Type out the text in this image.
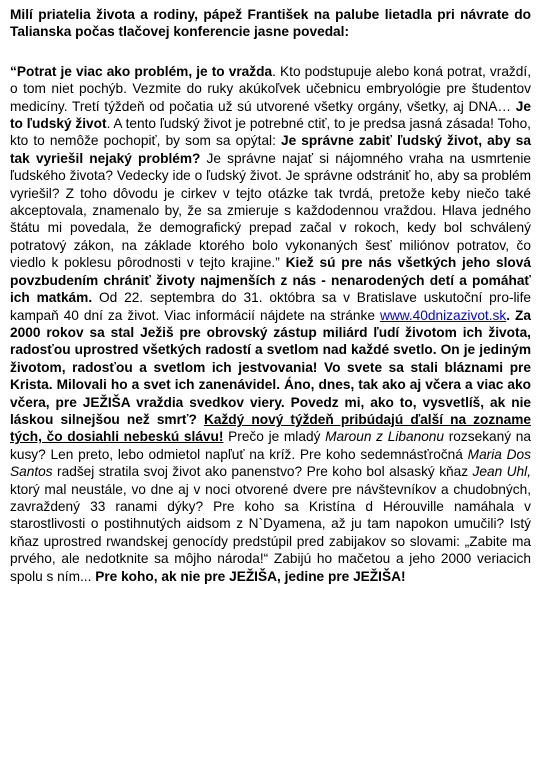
Milí priatelia života a rodiny, pápež František na palube lietadla pri návrate do Talianska počas tlačovej konferencie jasne povedal:

“Potrat je viac ako problém, je to vražda. Kto podstupuje alebo koná potrat, vraždí, o tom niet pochýb. Vezmite do ruky akúkoľvek učebnicu embryológie pre študentov medicíny. Tretí týždeň od počatia už sú utvorené všetky orgány, všetky, aj DNA… Je to ľudský život. A tento ľudský život je potrebné ctiť, to je predsa jasná zásada! Toho, kto to nemôže pochopiť, by som sa opýtal: Je správne zabiť ľudský život, aby sa tak vyriešil nejaký problém? Je správne najať si nájomného vraha na usmrtenie ľudského života? Vedecky ide o ľudský život. Je správne odstrániť ho, aby sa problém vyriešil? Z toho dôvodu je cirkev v tejto otázke tak tvrdá, pretože keby niečo také akceptovala, znamenalo by, že sa zmieruje s každodennou vraždou. Hlava jedného štátu mi povedala, že demografický prepad začal v rokoch, kedy bol schválený potratový zákon, na základe ktorého bolo vykonaných šesť miliónov potratov, čo viedlo k poklesu pôrodnosti v tejto krajine.” Kiež sú pre nás všetkých jeho slová povzbudením chrániť životy najmenších z nás - nenarodených detí a pomáhať ich matkám. Od 22. septembra do 31. októbra sa v Bratislave uskutoční pro-life kampaň 40 dní za život. Viac informácií nájdete na stránke www.40dnizazivot.sk. Za 2000 rokov sa stal Ježiš pre obrovský zástup miliárd ľudí životom ich života, radosťou uprostred všetkých radostí a svetlom nad každé svetlo. On je jediným životom, radosťou a svetlom ich jestvovania! Vo svete sa stali bláznami pre Krista. Milovali ho a svet ich zanenávidel. Áno, dnes, tak ako aj včera a viac ako včera, pre JEŽIŠA vraždia svedkov viery. Povedz mi, ako to, vysvetlíš, ak nie láskou silnejšou než smrť? Každý nový týždeň pribúdajú ďalší na zozname tých, čo dosiahli nebeskú slávu! Prečo je mladý Maroun z Libanonu rozsekaný na kusy? Len preto, lebo odmietol napľuť na kríž. Pre koho sedemnásťročná Maria Dos Santos radšej stratila svoj život ako panenstvo? Pre koho bol alsaský kňaz Jean Uhl, ktorý mal neustále, vo dne aj v noci otvorené dvere pre návštevníkov a chudobných, zavraždený 33 ranami dýky? Pre koho sa Kristína d Hérouville namáhala v starostlivosti o postihnutých aidsom z N`Dyamena, až ju tam napokon umučili? Istý kňaz uprostred rwandskej genocídy predstúpil pred zabijakov so slovami: „Zabite ma prvého, ale nedotknite sa môjho národa!“ Zabijú ho mačetou a jeho 2000 veriacich spolu s ním... Pre koho, ak nie pre JEŽIŠA, jedine pre JEŽIŠA!
